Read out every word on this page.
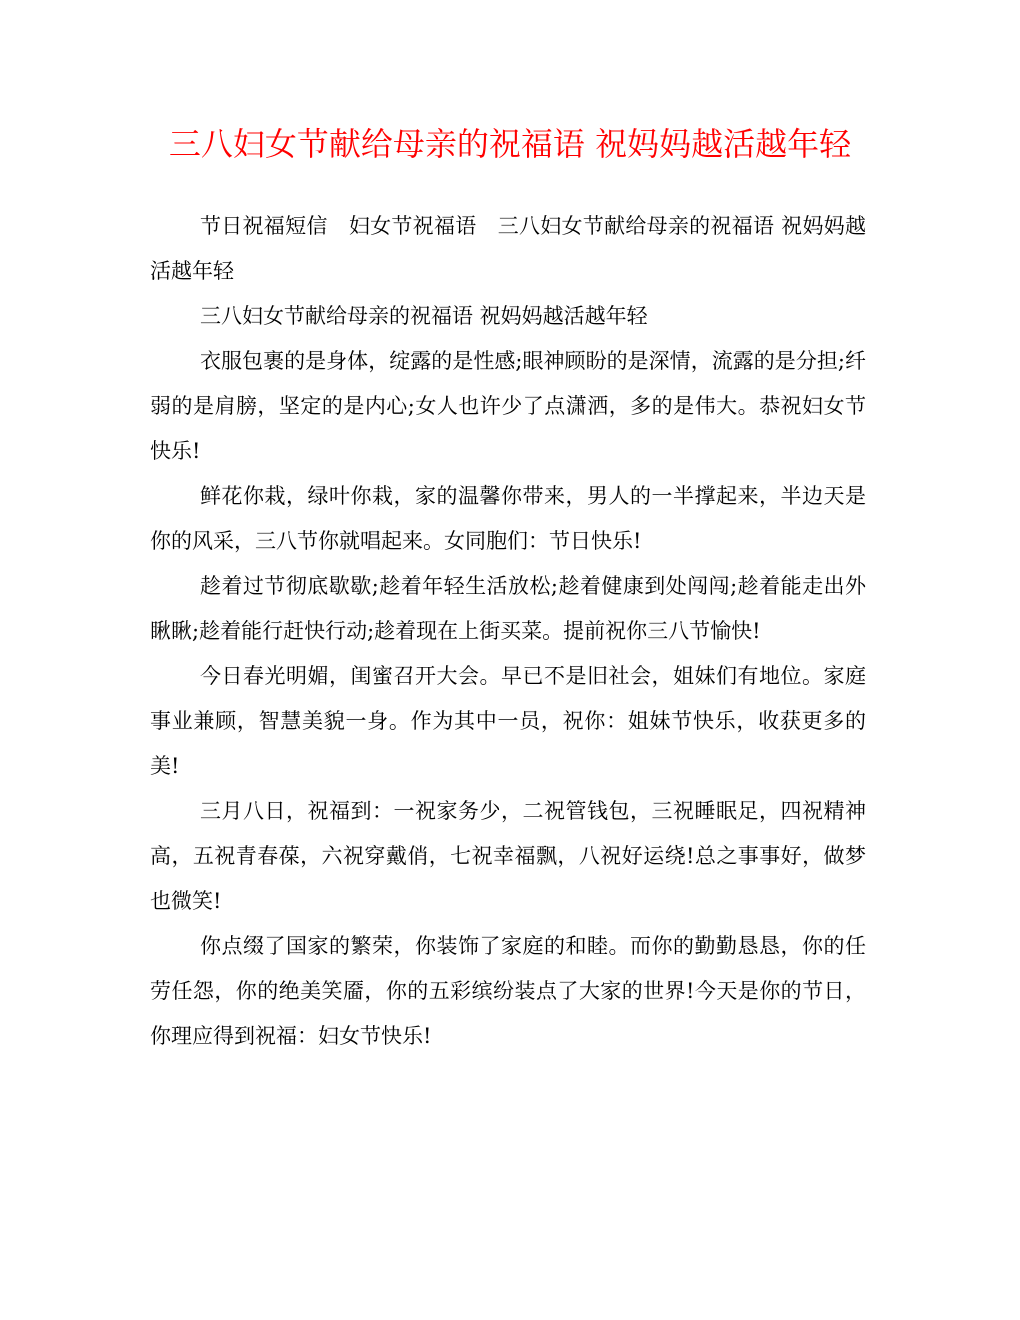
三八妇女节献给母亲的祝福语 祝妈妈越活越年轻

节日祝福短信　妇女节祝福语　三八妇女节献给母亲的祝福语 祝妈妈越活越年轻

三八妇女节献给母亲的祝福语 祝妈妈越活越年轻

衣服包裹的是身体，绽露的是性感;眼神顾盼的是深情，流露的是分担;纤弱的是肩膀，坚定的是内心;女人也许少了点潇洒，多的是伟大。恭祝妇女节快乐!

鲜花你栽，绿叶你栽，家的温馨你带来，男人的一半撑起来，半边天是你的风采，三八节你就唱起来。女同胞们：节日快乐!

趁着过节彻底歇歇;趁着年轻生活放松;趁着健康到处闯闯;趁着能走出外瞅瞅;趁着能行赶快行动;趁着现在上街买菜。提前祝你三八节愉快!

今日春光明媚，闺蜜召开大会。早已不是旧社会，姐妹们有地位。家庭事业兼顾，智慧美貌一身。作为其中一员，祝你：姐妹节快乐，收获更多的美!

三月八日，祝福到：一祝家务少，二祝管钱包，三祝睡眠足，四祝精神高，五祝青春葆，六祝穿戴俏，七祝幸福飘，八祝好运绕!总之事事好，做梦也微笑!

你点缀了国家的繁荣，你装饰了家庭的和睦。而你的勤勤恳恳，你的任劳任怨，你的绝美笑靥，你的五彩缤纷装点了大家的世界!今天是你的节日，你理应得到祝福：妇女节快乐!
